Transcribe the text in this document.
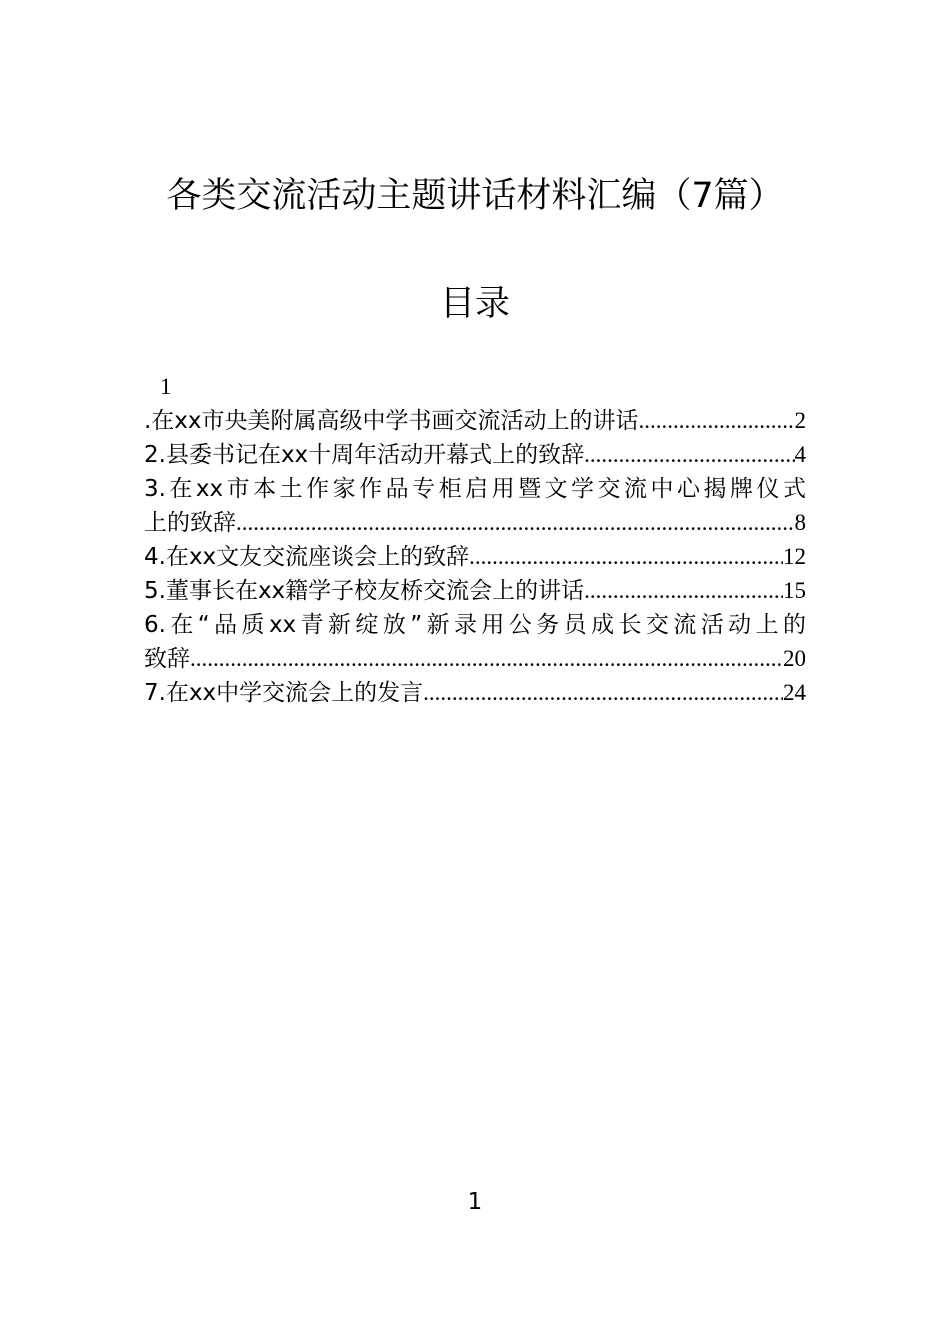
各类交流活动主题讲话材料汇编（7篇）
目录
1
.在xx市央美附属高级中学书画交流活动上的讲话 .....	2
2.县委书记在xx十周年活动开幕式上的致辞 .....	4
3.在xx市本土作家作品专柜启用暨文学交流中心揭牌仪式
上的致辞 .....	8
4.在xx文友交流座谈会上的致辞 .....	12
5.董事长在xx籍学子校友桥交流会上的讲话 .....	15
6.在“品质xx青新绽放”新录用公务员成长交流活动上的
致辞 .....	20
7.在xx中学交流会上的发言 .....	24
1
